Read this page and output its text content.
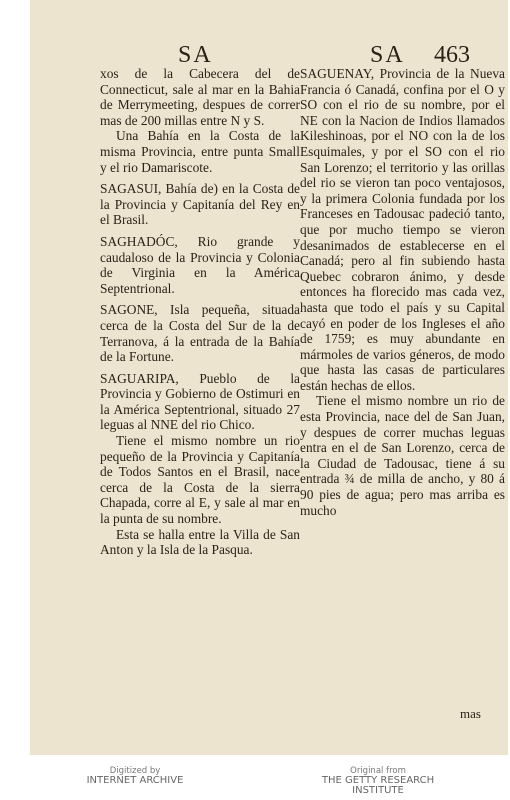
SA	SA 463

xos de la Cabecera del de Connecticut, sale al mar en la Bahia de Merrymeeting, despues de correr mas de 200 millas entre N y S.

Una Bahía en la Costa de la misma Provincia, entre punta Small y el rio Damariscote.

SAGASUI, Bahía de) en la Costa de la Provincia y Capitanía del Rey en el Brasil.

SAGHADÓC, Rio grande y caudaloso de la Provincia y Colonia de Virginia en la América Septentrional.

SAGONE, Isla pequeña, situada cerca de la Costa del Sur de la de Terranova, á la entrada de la Bahía de la Fortune.

SAGUARIPA, Pueblo de la Provincia y Gobierno de Ostimuri en la América Septentrional, situado 27 leguas al NNE del rio Chico.

Tiene el mismo nombre un rio pequeño de la Provincia y Capitanía de Todos Santos en el Brasil, nace cerca de la Costa de la sierra Chapada, corre al E, y sale al mar en la punta de su nombre.

Esta se halla entre la Villa de San Anton y la Isla de la Pasqua.

SAGUENAY, Provincia de la Nueva Francia ó Canadá, confina por el O y SO con el rio de su nombre, por el NE con la Nacion de Indios llamados Kileshinoas, por el NO con la de los Esquimales, y por el SO con el rio San Lorenzo; el territorio y las orillas del rio se vieron tan poco ventajosos, y la primera Colonia fundada por los Franceses en Tadousac padeció tanto, que por mucho tiempo se vieron desanimados de establecerse en el Canadá; pero al fin subiendo hasta Quebec cobraron ánimo, y desde entonces ha florecido mas cada vez, hasta que todo el país y su Capital cayó en poder de los Ingleses el año de 1759; es muy abundante en mármoles de varios géneros, de modo que hasta las casas de particulares están hechas de ellos.

Tiene el mismo nombre un rio de esta Provincia, nace del de San Juan, y despues de correr muchas leguas entra en el de San Lorenzo, cerca de la Ciudad de Tadousac, tiene á su entrada ¾ de milla de ancho, y 80 á 90 pies de agua; pero mas arriba es mucho

mas
Digitized by
INTERNET ARCHIVE
Original from
THE GETTY RESEARCH INSTITUTE
